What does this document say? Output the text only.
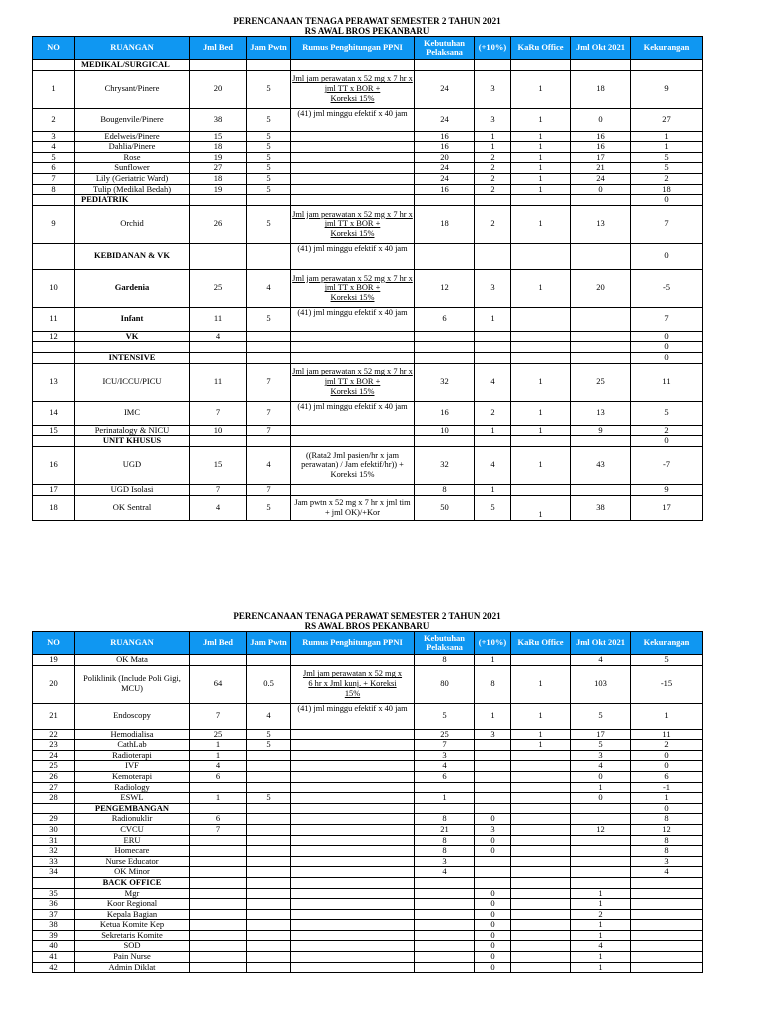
PERENCANAAN TENAGA PERAWAT SEMESTER 2 TAHUN 2021
RS AWAL BROS PEKANBARU
NO	RUANGAN	Jml Bed	Jam Pwtn	Rumus Penghitungan PPNI	Kebutuhan Pelaksana	(+10%)	KaRu Office	Jml Okt 2021	Kekurangan
	MEDIKAL/SURGICAL								
1	Chrysant/Pinere	20	5	Jml jam perawatan x 52 mg x 7 hr x jml TT x BOR +
Koreksi 15%	24	3	1	18	9
2	Bougenvile/Pinere	38	5	(41) jml minggu efektif x 40 jam	24	3	1	0	27
3	Edelweis/Pinere	15	5		16	1	1	16	1
4	Dahlia/Pinere	18	5		16	1	1	16	1
5	Rose	19	5		20	2	1	17	5
6	Sunflower	27	5		24	2	1	21	5
7	Lily (Geriatric Ward)	18	5		24	2	1	24	2
8	Tulip (Medikal Bedah)	19	5		16	2	1	0	18
	PEDIATRIK								0
9	Orchid	26	5	Jml jam perawatan x 52 mg x 7 hr x jml TT x BOR +
Koreksi 15%	18	2	1	13	7
	KEBIDANAN & VK			(41) jml minggu efektif x 40 jam					0
10	Gardenia	25	4	Jml jam perawatan x 52 mg x 7 hr x jml TT x BOR +
Koreksi 15%	12	3	1	20	-5
11	Infant	11	5	(41) jml minggu efektif x 40 jam	6	1			7
12	VK	4							0
									0
	INTENSIVE								0
13	ICU/ICCU/PICU	11	7	Jml jam perawatan x 52 mg x 7 hr x jml TT x BOR +
Koreksi 15%	32	4	1	25	11
14	IMC	7	7	(41) jml minggu efektif x 40 jam	16	2	1	13	5
15	Perinatalogy & NICU	10	7		10	1	1	9	2
	UNIT KHUSUS								0
16	UGD	15	4	((Rata2 Jml pasien/hr x jam perawatan) / Jam efektif/hr)) + Koreksi 15%	32	4	1	43	-7
17	UGD Isolasi	7	7		8	1			9
18	OK Sentral	4	5	Jam pwtn x 52 mg x 7 hr x jml tim + jml OK)/+Kor	50	5	1	38	17
PERENCANAAN TENAGA PERAWAT SEMESTER 2 TAHUN 2021
RS AWAL BROS PEKANBARU
NO	RUANGAN	Jml Bed	Jam Pwtn	Rumus Penghitungan PPNI	Kebutuhan Pelaksana	(+10%)	KaRu Office	Jml Okt 2021	Kekurangan
19	OK Mata				8	1		4	5
20	Poliklinik (Include Poli Gigi, MCU)	64	0.5	Jml jam perawatan x 52 mg x
6 hr x Jml kunj. + Koreksi
15%	80	8	1	103	-15
21	Endoscopy	7	4	(41) jml minggu efektif x 40 jam	5	1	1	5	1
22	Hemodialisa	25	5		25	3	1	17	11
23	CathLab	1	5		7		1	5	2
24	Radioterapi	1			3			3	0
25	IVF	4			4			4	0
26	Kemoterapi	6			6			0	6
27	Radiology							1	-1
28	ESWL	1	5		1			0	1
	PENGEMBANGAN								0
29	Radionuklir	6			8	0			8
30	CVCU	7			21	3		12	12
31	ERU				8	0			8
32	Homecare				8	0			8
33	Nurse Educator				3				3
34	OK Minor				4				4
	BACK OFFICE								
35	Mgr					0		1	
36	Koor Regional					0		1	
37	Kepala Bagian					0		2	
38	Ketua Komite Kep					0		1	
39	Sekretaris Komite					0		1	
40	SOD					0		4	
41	Pain Nurse					0		1	
42	Admin Diklat					0		1	
